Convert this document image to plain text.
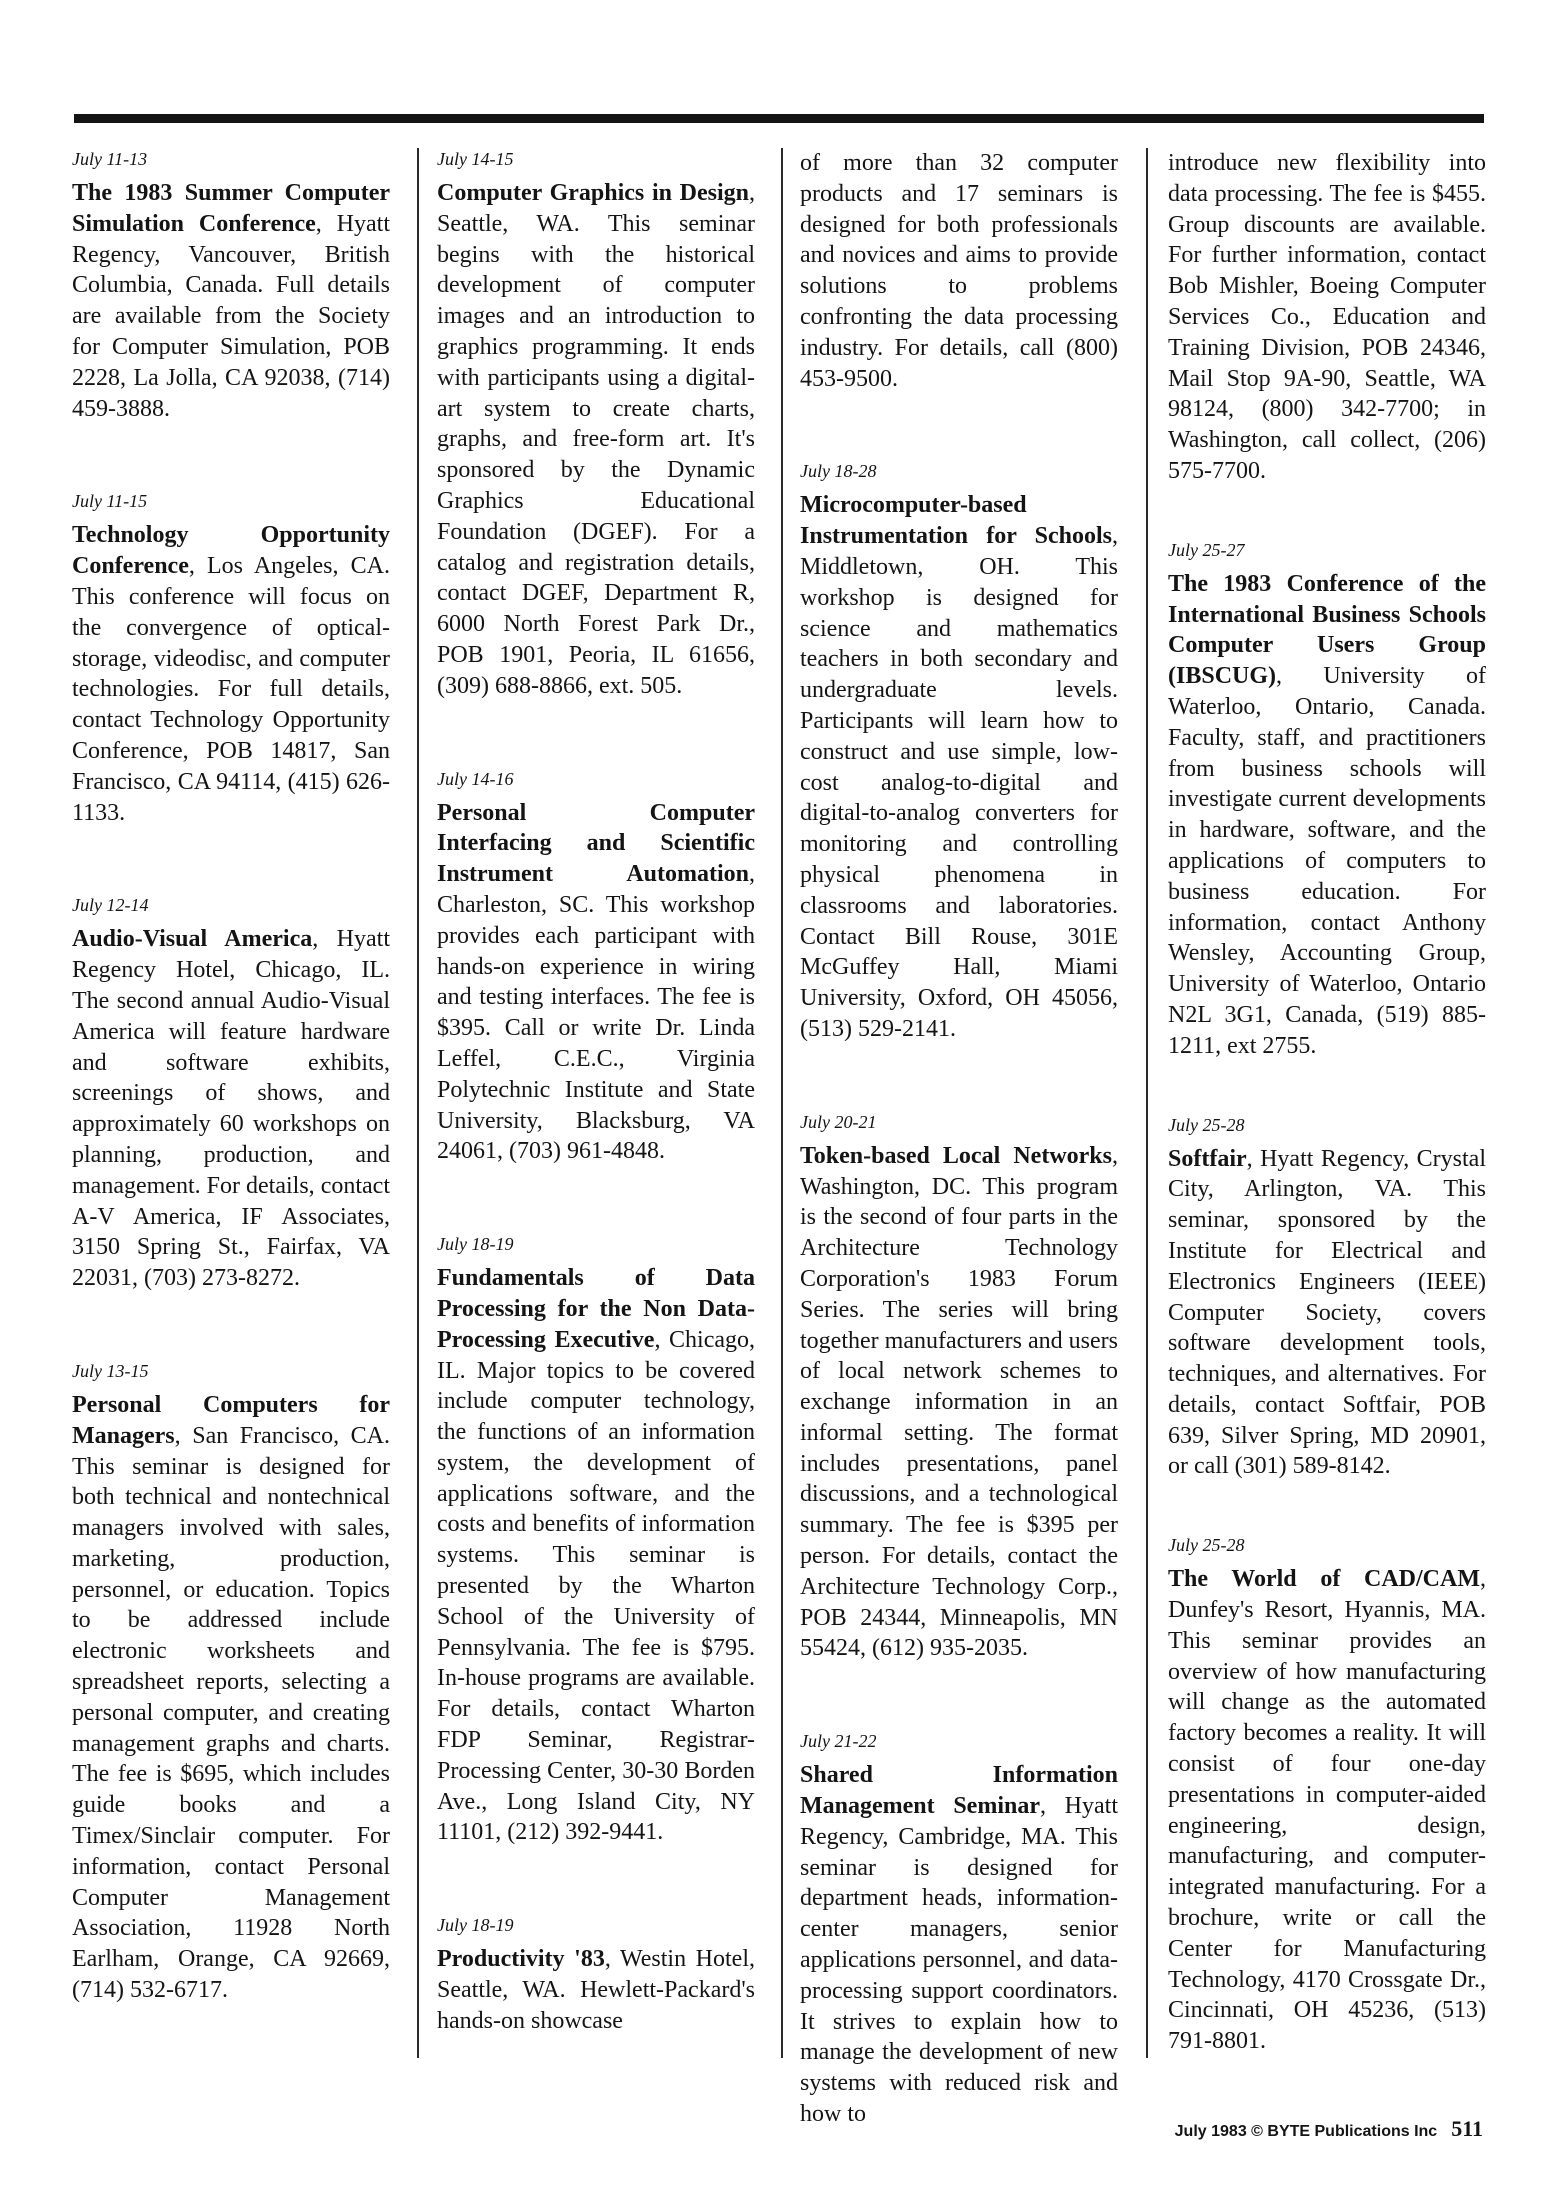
July 11-13
The 1983 Summer Computer Simulation Conference, Hyatt Regency, Vancouver, British Columbia, Canada. Full details are available from the Society for Computer Simulation, POB 2228, La Jolla, CA 92038, (714) 459-3888.
July 11-15
Technology Opportunity Conference, Los Angeles, CA. This conference will focus on the convergence of optical-storage, videodisc, and computer technologies. For full details, contact Technology Opportunity Conference, POB 14817, San Francisco, CA 94114, (415) 626-1133.
July 12-14
Audio-Visual America, Hyatt Regency Hotel, Chicago, IL. The second annual Audio-Visual America will feature hardware and software exhibits, screenings of shows, and approximately 60 workshops on planning, production, and management. For details, contact A-V America, IF Associates, 3150 Spring St., Fairfax, VA 22031, (703) 273-8272.
July 13-15
Personal Computers for Managers, San Francisco, CA. This seminar is designed for both technical and nontechnical managers involved with sales, marketing, production, personnel, or education. Topics to be addressed include electronic worksheets and spreadsheet reports, selecting a personal computer, and creating management graphs and charts. The fee is $695, which includes guide books and a Timex/Sinclair computer. For information, contact Personal Computer Management Association, 11928 North Earlham, Orange, CA 92669, (714) 532-6717.
July 14-15
Computer Graphics in Design, Seattle, WA. This seminar begins with the historical development of computer images and an introduction to graphics programming. It ends with participants using a digital-art system to create charts, graphs, and free-form art. It's sponsored by the Dynamic Graphics Educational Foundation (DGEF). For a catalog and registration details, contact DGEF, Department R, 6000 North Forest Park Dr., POB 1901, Peoria, IL 61656, (309) 688-8866, ext. 505.
July 14-16
Personal Computer Interfacing and Scientific Instrument Automation, Charleston, SC. This workshop provides each participant with hands-on experience in wiring and testing interfaces. The fee is $395. Call or write Dr. Linda Leffel, C.E.C., Virginia Polytechnic Institute and State University, Blacksburg, VA 24061, (703) 961-4848.
July 18-19
Fundamentals of Data Processing for the Non Data-Processing Executive, Chicago, IL. Major topics to be covered include computer technology, the functions of an information system, the development of applications software, and the costs and benefits of information systems. This seminar is presented by the Wharton School of the University of Pennsylvania. The fee is $795. In-house programs are available. For details, contact Wharton FDP Seminar, Registrar-Processing Center, 30-30 Borden Ave., Long Island City, NY 11101, (212) 392-9441.
July 18-19
Productivity '83, Westin Hotel, Seattle, WA. Hewlett-Packard's hands-on showcase
of more than 32 computer products and 17 seminars is designed for both professionals and novices and aims to provide solutions to problems confronting the data processing industry. For details, call (800) 453-9500.
July 18-28
Microcomputer-based Instrumentation for Schools, Middletown, OH. This workshop is designed for science and mathematics teachers in both secondary and undergraduate levels. Participants will learn how to construct and use simple, low-cost analog-to-digital and digital-to-analog converters for monitoring and controlling physical phenomena in classrooms and laboratories. Contact Bill Rouse, 301E McGuffey Hall, Miami University, Oxford, OH 45056, (513) 529-2141.
July 20-21
Token-based Local Networks, Washington, DC. This program is the second of four parts in the Architecture Technology Corporation's 1983 Forum Series. The series will bring together manufacturers and users of local network schemes to exchange information in an informal setting. The format includes presentations, panel discussions, and a technological summary. The fee is $395 per person. For details, contact the Architecture Technology Corp., POB 24344, Minneapolis, MN 55424, (612) 935-2035.
July 21-22
Shared Information Management Seminar, Hyatt Regency, Cambridge, MA. This seminar is designed for department heads, information-center managers, senior applications personnel, and data-processing support coordinators. It strives to explain how to manage the development of new systems with reduced risk and how to
introduce new flexibility into data processing. The fee is $455. Group discounts are available. For further information, contact Bob Mishler, Boeing Computer Services Co., Education and Training Division, POB 24346, Mail Stop 9A-90, Seattle, WA 98124, (800) 342-7700; in Washington, call collect, (206) 575-7700.
July 25-27
The 1983 Conference of the International Business Schools Computer Users Group (IBSCUG), University of Waterloo, Ontario, Canada. Faculty, staff, and practitioners from business schools will investigate current developments in hardware, software, and the applications of computers to business education. For information, contact Anthony Wensley, Accounting Group, University of Waterloo, Ontario N2L 3G1, Canada, (519) 885-1211, ext 2755.
July 25-28
Softfair, Hyatt Regency, Crystal City, Arlington, VA. This seminar, sponsored by the Institute for Electrical and Electronics Engineers (IEEE) Computer Society, covers software development tools, techniques, and alternatives. For details, contact Softfair, POB 639, Silver Spring, MD 20901, or call (301) 589-8142.
July 25-28
The World of CAD/CAM, Dunfey's Resort, Hyannis, MA. This seminar provides an overview of how manufacturing will change as the automated factory becomes a reality. It will consist of four one-day presentations in computer-aided engineering, design, manufacturing, and computer-integrated manufacturing. For a brochure, write or call the Center for Manufacturing Technology, 4170 Crossgate Dr., Cincinnati, OH 45236, (513) 791-8801.
July 1983 © BYTE Publications Inc 511
